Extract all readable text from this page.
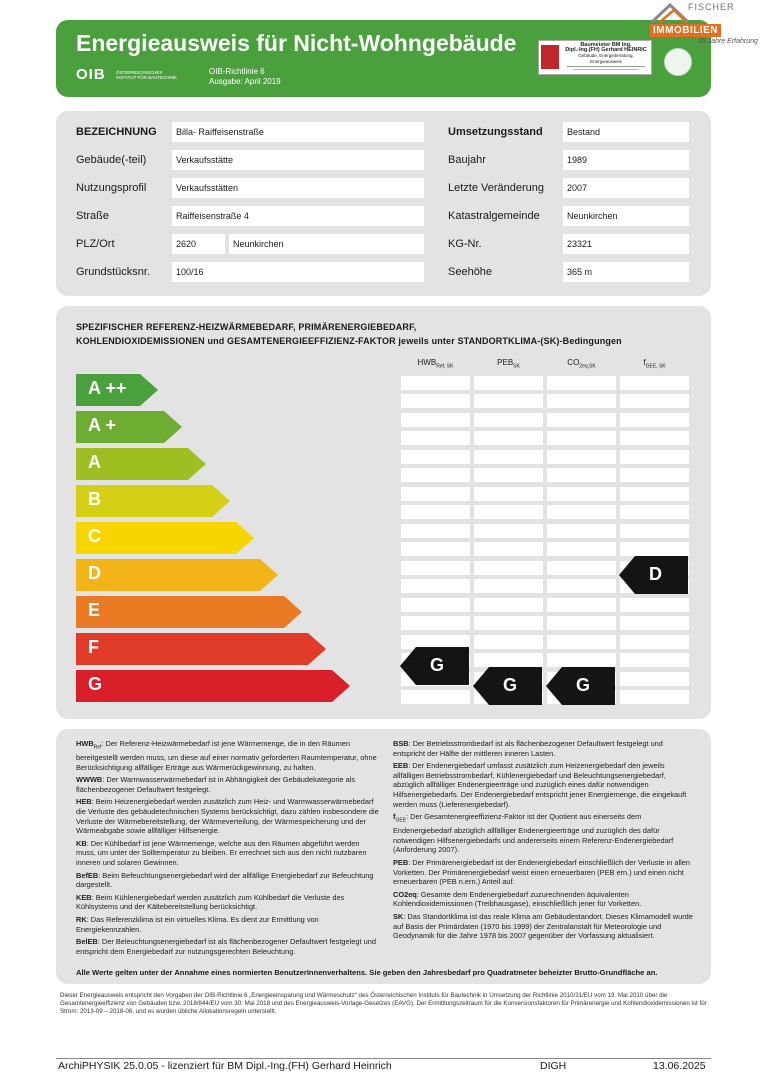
Energieausweis für Nicht-Wohngebäude
OIB ÖSTERREICHISCHES
INSTITUT FÜR BAUTECHNIK
OIB-Richtlinie 6
Ausgabe: April 2019
Baumeister BM Ing.
Dipl.-Ing.(FH) Gerhard HEINRIC
Gebäude, Energieberatung, Energieausweis
FISCHER
IMMOBILIEN
25 Jahre Erfahrung
BEZEICHNUNG	Billa- Raiffeisenstraße
Gebäude(-teil)	Verkaufsstätte
Nutzungsprofil	Verkaufsstätten
Straße	Raiffeisenstraße 4
PLZ/Ort	2620	Neunkirchen
Grundstücksnr.	100/16
Umsetzungsstand	Bestand
Baujahr	1989
Letzte Veränderung	2007
Katastralgemeinde	Neunkirchen
KG-Nr.	23321
Seehöhe	365 m
SPEZIFISCHER REFERENZ-HEIZWÄRMEBEDARF, PRIMÄRENERGIEBEDARF,
KOHLENDIOXIDEMISSIONEN und GESAMTENERGIEEFFIZIENZ-FAKTOR jeweils unter STANDORTKLIMA-(SK)-Bedingungen
$HWB_{Ref, SK}$	$PEB_{SK}$	$CO_{2eq,SK}$	$f_{GEE, SK}$
A ++
A +
A
B
C
D
E
F
G
G
G	G
D

$HWB_{Ref}$: Der Referenz-Heizwärmebedarf ist jene Wärmemenge, die in den Räumen bereitgestellt werden muss, um diese auf einer normativ geforderten Raumtemperatur, ohne Berücksichtigung allfälliger Erträge aus Wärmerückgewinnung, zu halten.

WWWB: Der Warmwasserwärmebedarf ist in Abhängigkeit der Gebäudekategorie als flächenbezogener Defaultwert festgelegt.

HEB: Beim Heizenergiebedarf werden zusätzlich zum Heiz- und Warmwasserwärmebedarf die Verluste des gebäudetechnischen Systems berücksichtigt, dazu zählen insbesondere die Verluste der Wärmebereitstellung, der Wärmeverteilung, der Wärmespeicherung und der Wärmeabgabe sowie allfälliger Hilfsenergie.

KB: Der Kühlbedarf ist jene Wärmemenge, welche aus den Räumen abgeführt werden muss, um unter der Solltemperatur zu bleiben. Er errechnet sich aus den nicht nutzbaren inneren und solaren Gewinnen.

BefEB: Beim Befeuchtungsenergiebedarf wird der allfällige Energiebedarf zur Befeuchtung dargestellt.

KEB: Beim Kühlenergiebedarf werden zusätzlich zum Kühlbedarf die Verluste des Kühlsystems und der Kältebereitstellung berücksichtigt.

RK: Das Referenzklima ist ein virtuelles Klima. Es dient zur Ermittlung von Energiekennzahlen.

BelEB: Der Beleuchtungsenergiebedarf ist als flächenbezogener Defaultwert festgelegt und entspricht dem Energiebedarf zur nutzungsgerechten Beleuchtung.

BSB: Der Betriebsstrombedarf ist als flächenbezogener Defaultwert festgelegt und entspricht der Hälfte der mittleren inneren Lasten.

EEB: Der Endenergiebedarf umfasst zusätzlich zum Heizenergiebedarf den jeweils allfälligen Betriebsstrombedarf, Kühlenergiebedarf und Beleuchtungsenergiebedarf, abzüglich allfälliger Endenergieerträge und zuzüglich eines dafür notwendigen Hilfsenergiebedarfs. Der Endenergiebedarf entspricht jener Energiemenge, die eingekauft werden muss (Lieferenergiebedarf).

$f_{GEE}$: Der Gesamtenergieeffizienz-Faktor ist der Quotient aus einerseits dem Endenergiebedarf abzüglich allfälliger Endenergieerträge und zuzüglich des dafür notwendigen Hilfsenergiebedarfs und andererseits einem Referenz-Endenergiebedarf (Anforderung 2007).

PEB: Der Primärenergiebedarf ist der Endenergiebedarf einschließlich der Verluste in allen Vorketten. Der Primärenergiebedarf weist einen erneuerbaren (PEB ern.) und einen nicht erneuerbaren (PEB n.ern.) Anteil auf.

CO2eq: Gesamte dem Endenergiebedarf zuzurechnenden äquivalenten Kohlendioxidemissionen (Treibhausgase), einschließlich jener für Vorketten.

SK: Das Standortklima ist das reale Klima am Gebäudestandort. Dieses Klimamodell wurde auf Basis der Primärdaten (1970 bis 1999) der Zentralanstalt für Meteorologie und Geodynamik für die Jahre 1978 bis 2007 gegenüber der Vorfassung aktualisiert.

Alle Werte gelten unter der Annahme eines normierten BenutzerInnenverhaltens. Sie geben den Jahresbedarf pro Quadratmeter beheizter Brutto-Grundfläche an.
Dieser Energieausweis entspricht den Vorgaben der OIB-Richtlinie 6 „Energieeinsparung und Wärmeschutz“ des Österreichischen Instituts für Bautechnik in Umsetzung der Richtlinie 2010/31/EU vom 19. Mai 2010 über die Gesamtenergieeffizienz von Gebäuden bzw. 2018/844/EU vom 30. Mai 2018 und des Energieausweis-Vorlage-Gesetzes (EAVG). Der Ermittlungszeitraum für die Konversionsfaktoren für Primärenergie und Kohlendioxidemissionen ist für Strom: 2013-09 – 2018-08, und es wurden übliche Allokationsregeln unterstellt.
ArchiPHYSIK 25.0.05 - lizenziert für BM Dipl.-Ing.(FH) Gerhard Heinrich	DIGH	13.06.2025
